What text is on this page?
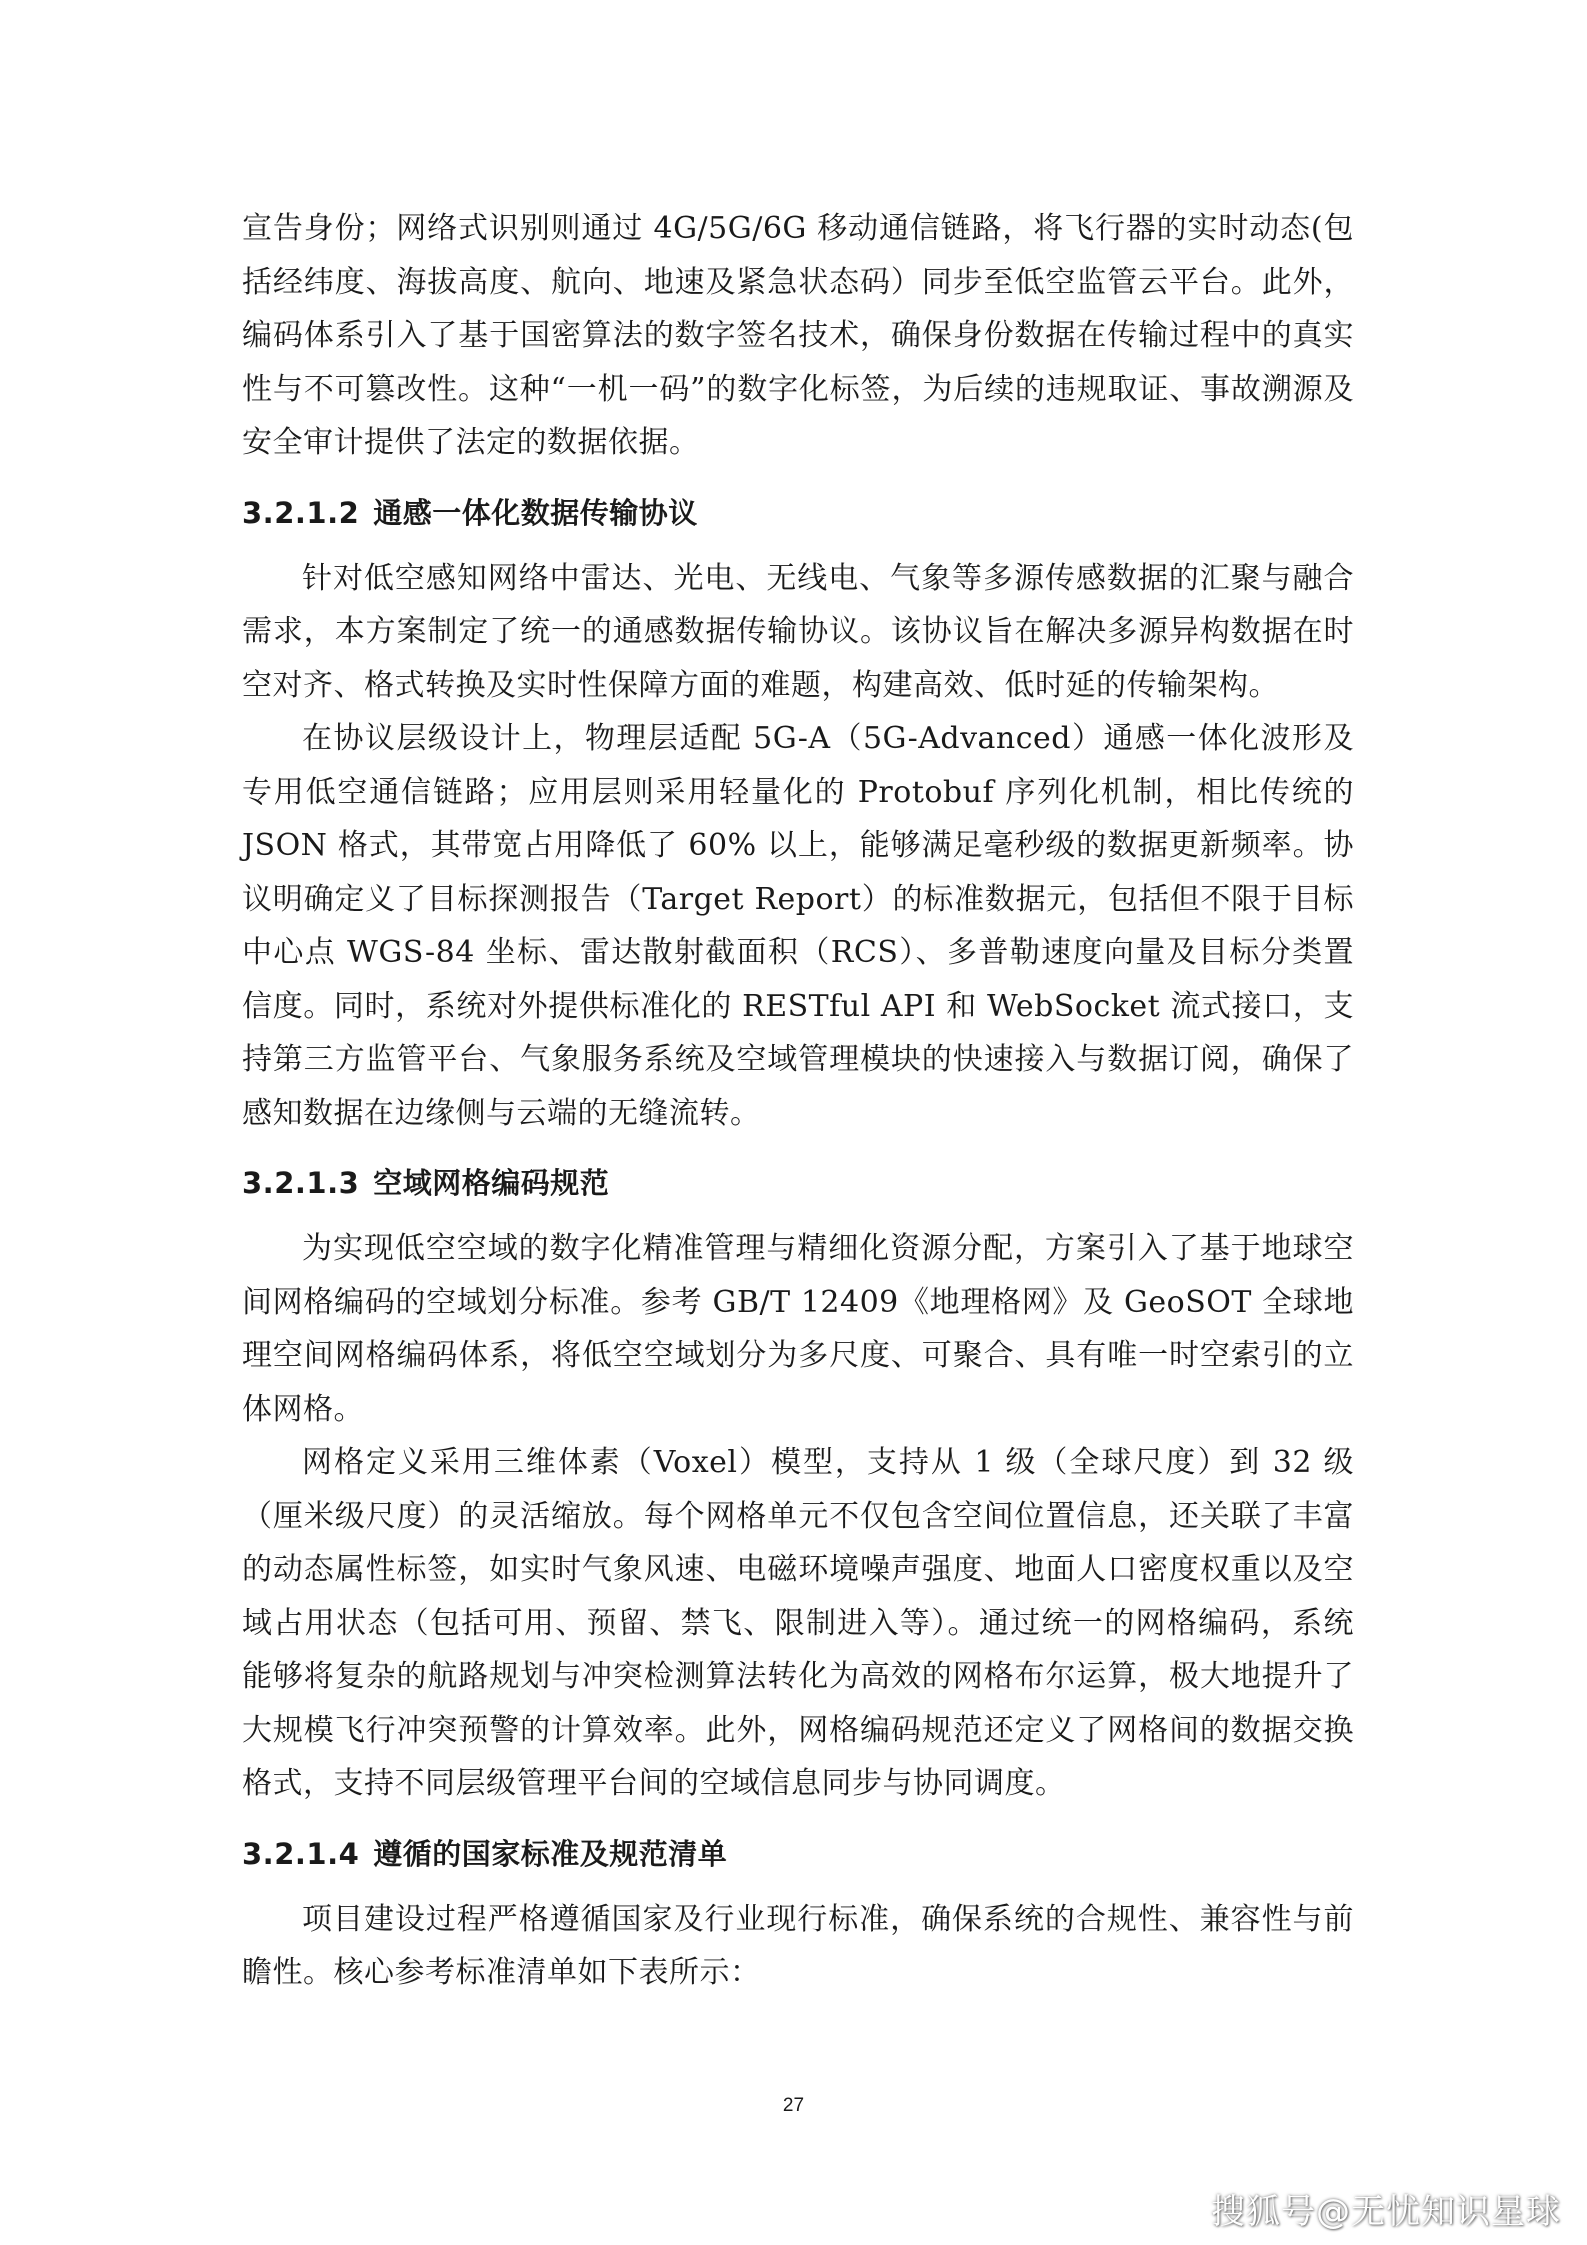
宣告身份；网络式识别则通过 4G/5G/6G 移动通信链路，将飞行器的实时动态(包括经纬度、海拔高度、航向、地速及紧急状态码）同步至低空监管云平台。此外，编码体系引入了基于国密算法的数字签名技术，确保身份数据在传输过程中的真实性与不可篡改性。这种“一机一码”的数字化标签，为后续的违规取证、事故溯源及安全审计提供了法定的数据依据。

3.2.1.2 通感一体化数据传输协议

针对低空感知网络中雷达、光电、无线电、气象等多源传感数据的汇聚与融合需求，本方案制定了统一的通感数据传输协议。该协议旨在解决多源异构数据在时空对齐、格式转换及实时性保障方面的难题，构建高效、低时延的传输架构。

在协议层级设计上，物理层适配 5G-A（5G-Advanced）通感一体化波形及专用低空通信链路；应用层则采用轻量化的 Protobuf 序列化机制，相比传统的JSON 格式，其带宽占用降低了 60% 以上，能够满足毫秒级的数据更新频率。协议明确定义了目标探测报告（Target Report）的标准数据元，包括但不限于目标中心点 WGS-84 坐标、雷达散射截面积（RCS）、多普勒速度向量及目标分类置信度。同时，系统对外提供标准化的 RESTful API 和 WebSocket 流式接口，支持第三方监管平台、气象服务系统及空域管理模块的快速接入与数据订阅，确保了感知数据在边缘侧与云端的无缝流转。

3.2.1.3 空域网格编码规范

为实现低空空域的数字化精准管理与精细化资源分配，方案引入了基于地球空间网格编码的空域划分标准。参考 GB/T 12409《地理格网》及 GeoSOT 全球地理空间网格编码体系，将低空空域划分为多尺度、可聚合、具有唯一时空索引的立体网格。

网格定义采用三维体素（Voxel）模型，支持从 1 级（全球尺度）到 32 级（厘米级尺度）的灵活缩放。每个网格单元不仅包含空间位置信息，还关联了丰富的动态属性标签，如实时气象风速、电磁环境噪声强度、地面人口密度权重以及空域占用状态（包括可用、预留、禁飞、限制进入等）。通过统一的网格编码，系统能够将复杂的航路规划与冲突检测算法转化为高效的网格布尔运算，极大地提升了大规模飞行冲突预警的计算效率。此外，网格编码规范还定义了网格间的数据交换格式，支持不同层级管理平台间的空域信息同步与协同调度。

3.2.1.4 遵循的国家标准及规范清单

项目建设过程严格遵循国家及行业现行标准，确保系统的合规性、兼容性与前瞻性。核心参考标准清单如下表所示：

27
搜狐号@无忧知识星球
